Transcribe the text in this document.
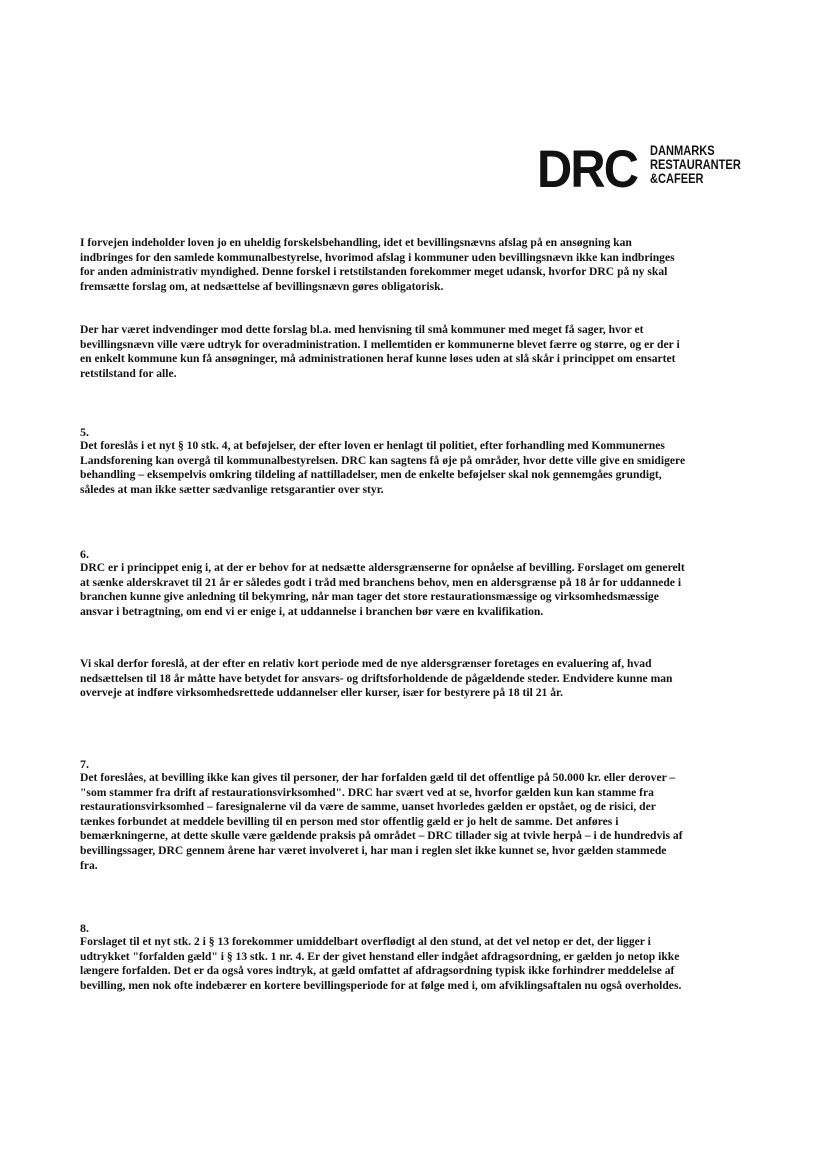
DRC DANMARKS
RESTAURANTER
&CAFEER

I forvejen indeholder loven jo en uheldig forskelsbehandling, idet et bevillingsnævns afslag på en ansøgning kan indbringes for den samlede kommunalbestyrelse, hvorimod afslag i kommuner uden bevillingsnævn ikke kan indbringes for anden administrativ myndighed. Denne forskel i retstilstanden forekommer meget udansk, hvorfor DRC på ny skal fremsætte forslag om, at nedsættelse af bevillingsnævn gøres obligatorisk.

Der har været indvendinger mod dette forslag bl.a. med henvisning til små kommuner med meget få sager, hvor et bevillingsnævn ville være udtryk for overadministration. I mellemtiden er kommunerne blevet færre og større, og er der i en enkelt kommune kun få ansøgninger, må administrationen heraf kunne løses uden at slå skår i princippet om ensartet retstilstand for alle.

5.

Det foreslås i et nyt § 10 stk. 4, at beføjelser, der efter loven er henlagt til politiet, efter forhandling med Kommunernes Landsforening kan overgå til kommunalbestyrelsen. DRC kan sagtens få øje på områder, hvor dette ville give en smidigere behandling – eksempelvis omkring tildeling af nattilladelser, men de enkelte beføjelser skal nok gennemgåes grundigt, således at man ikke sætter sædvanlige retsgarantier over styr.

6.

DRC er i princippet enig i, at der er behov for at nedsætte aldersgrænserne for opnåelse af bevilling. Forslaget om generelt at sænke alderskravet til 21 år er således godt i tråd med branchens behov, men en aldersgrænse på 18 år for uddannede i branchen kunne give anledning til bekymring, når man tager det store restaurationsmæssige og virksomhedsmæssige ansvar i betragtning, om end vi er enige i, at uddannelse i branchen bør være en kvalifikation.

Vi skal derfor foreslå, at der efter en relativ kort periode med de nye aldersgrænser foretages en evaluering af, hvad nedsættelsen til 18 år måtte have betydet for ansvars- og driftsforholdende de pågældende steder. Endvidere kunne man overveje at indføre virksomhedsrettede uddannelser eller kurser, især for bestyrere på 18 til 21 år.

7.

Det foreslåes, at bevilling ikke kan gives til personer, der har forfalden gæld til det offentlige på 50.000 kr. eller derover – "som stammer fra drift af restaurationsvirksomhed". DRC har svært ved at se, hvorfor gælden kun kan stamme fra restaurationsvirksomhed – faresignalerne vil da være de samme, uanset hvorledes gælden er opstået, og de risici, der tænkes forbundet at meddele bevilling til en person med stor offentlig gæld er jo helt de samme. Det anføres i bemærkningerne, at dette skulle være gældende praksis på området – DRC tillader sig at tvivle herpå – i de hundredvis af bevillingssager, DRC gennem årene har været involveret i, har man i reglen slet ikke kunnet se, hvor gælden stammede fra.

8.

Forslaget til et nyt stk. 2 i § 13 forekommer umiddelbart overflødigt al den stund, at det vel netop er det, der ligger i udtrykket "forfalden gæld" i § 13 stk. 1 nr. 4. Er der givet henstand eller indgået afdragsordning, er gælden jo netop ikke længere forfalden. Det er da også vores indtryk, at gæld omfattet af afdragsordning typisk ikke forhindrer meddelelse af bevilling, men nok ofte indebærer en kortere bevillingsperiode for at følge med i, om afviklingsaftalen nu også overholdes.
